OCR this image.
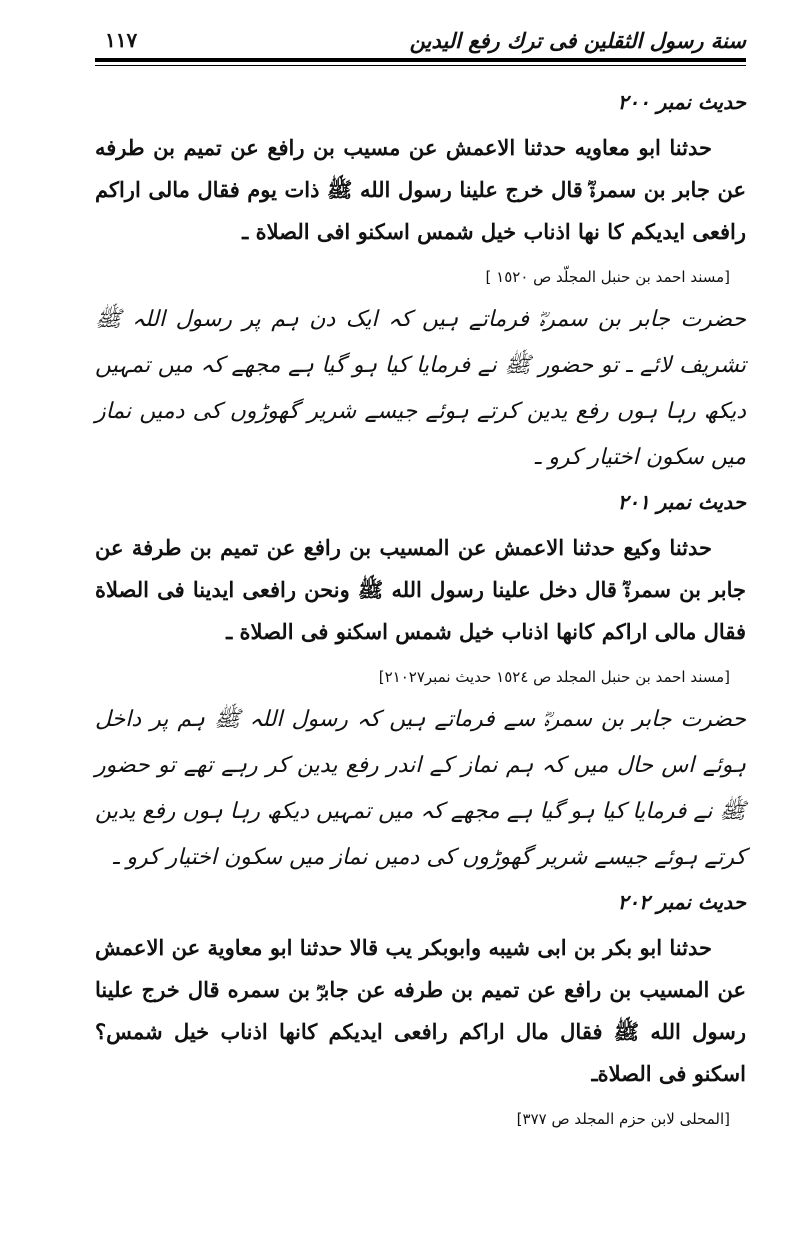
سنة رسول الثقلين فى ترك رفع اليدين
١١٧
حدیث نمبر ٢٠٠

حدثنا ابو معاويه حدثنا الاعمش عن مسيب بن رافع عن تميم بن طرفه عن جابر بن سمرةؓ قال خرج علينا رسول الله ﷺ ذات يوم فقال مالى اراكم رافعى ايديكم كا نها اذناب خيل شمس اسكنو افى الصلاة ـ

[مسند احمد بن حنبل المجلّد ص ١٥٢٠ ]

حضرت جابر بن سمرہؓ فرماتے ہیں کہ ایک دن ہم پر رسول اللہ ﷺ تشریف لائے ـ تو حضور ﷺ نے فرمایا کیا ہو گیا ہے مجھے کہ میں تمہیں دیکھ رہا ہوں رفع یدین کرتے ہوئے جیسے شریر گھوڑوں کی دمیں نماز میں سکون اختیار کرو ـ

حدیث نمبر ٢٠١

حدثنا وكيع حدثنا الاعمش عن المسيب بن رافع عن تميم بن طرفة عن جابر بن سمرةؓ قال دخل علينا رسول الله ﷺ ونحن رافعى ايدينا فى الصلاة فقال مالى اراكم كانها اذناب خيل شمس اسكنو فى الصلاة ـ

[مسند احمد بن حنبل المجلد ص ١٥٢٤ حديث نمبر٢١٠٢٧]

حضرت جابر بن سمرہؓ سے فرماتے ہیں کہ رسول اللہ ﷺ ہم پر داخل ہوئے اس حال میں کہ ہم نماز کے اندر رفع یدین کر رہے تھے تو حضور ﷺ نے فرمایا کیا ہو گیا ہے مجھے کہ میں تمہیں دیکھ رہا ہوں رفع یدین کرتے ہوئے جیسے شریر گھوڑوں کی دمیں نماز میں سکون اختیار کرو ـ

حدیث نمبر ٢٠٢

حدثنا ابو بكر بن ابى شيبه وابوبكر يب قالا حدثنا ابو معاوية عن الاعمش عن المسيب بن رافع عن تميم بن طرفه عن جابرؓ بن سمره قال خرج علينا رسول الله ﷺ فقال مال اراكم رافعى ايديكم كانها اذناب خيل شمس؟ اسكنو فى الصلاةـ

[المحلى لابن حزم المجلد ص ٣٧٧]
